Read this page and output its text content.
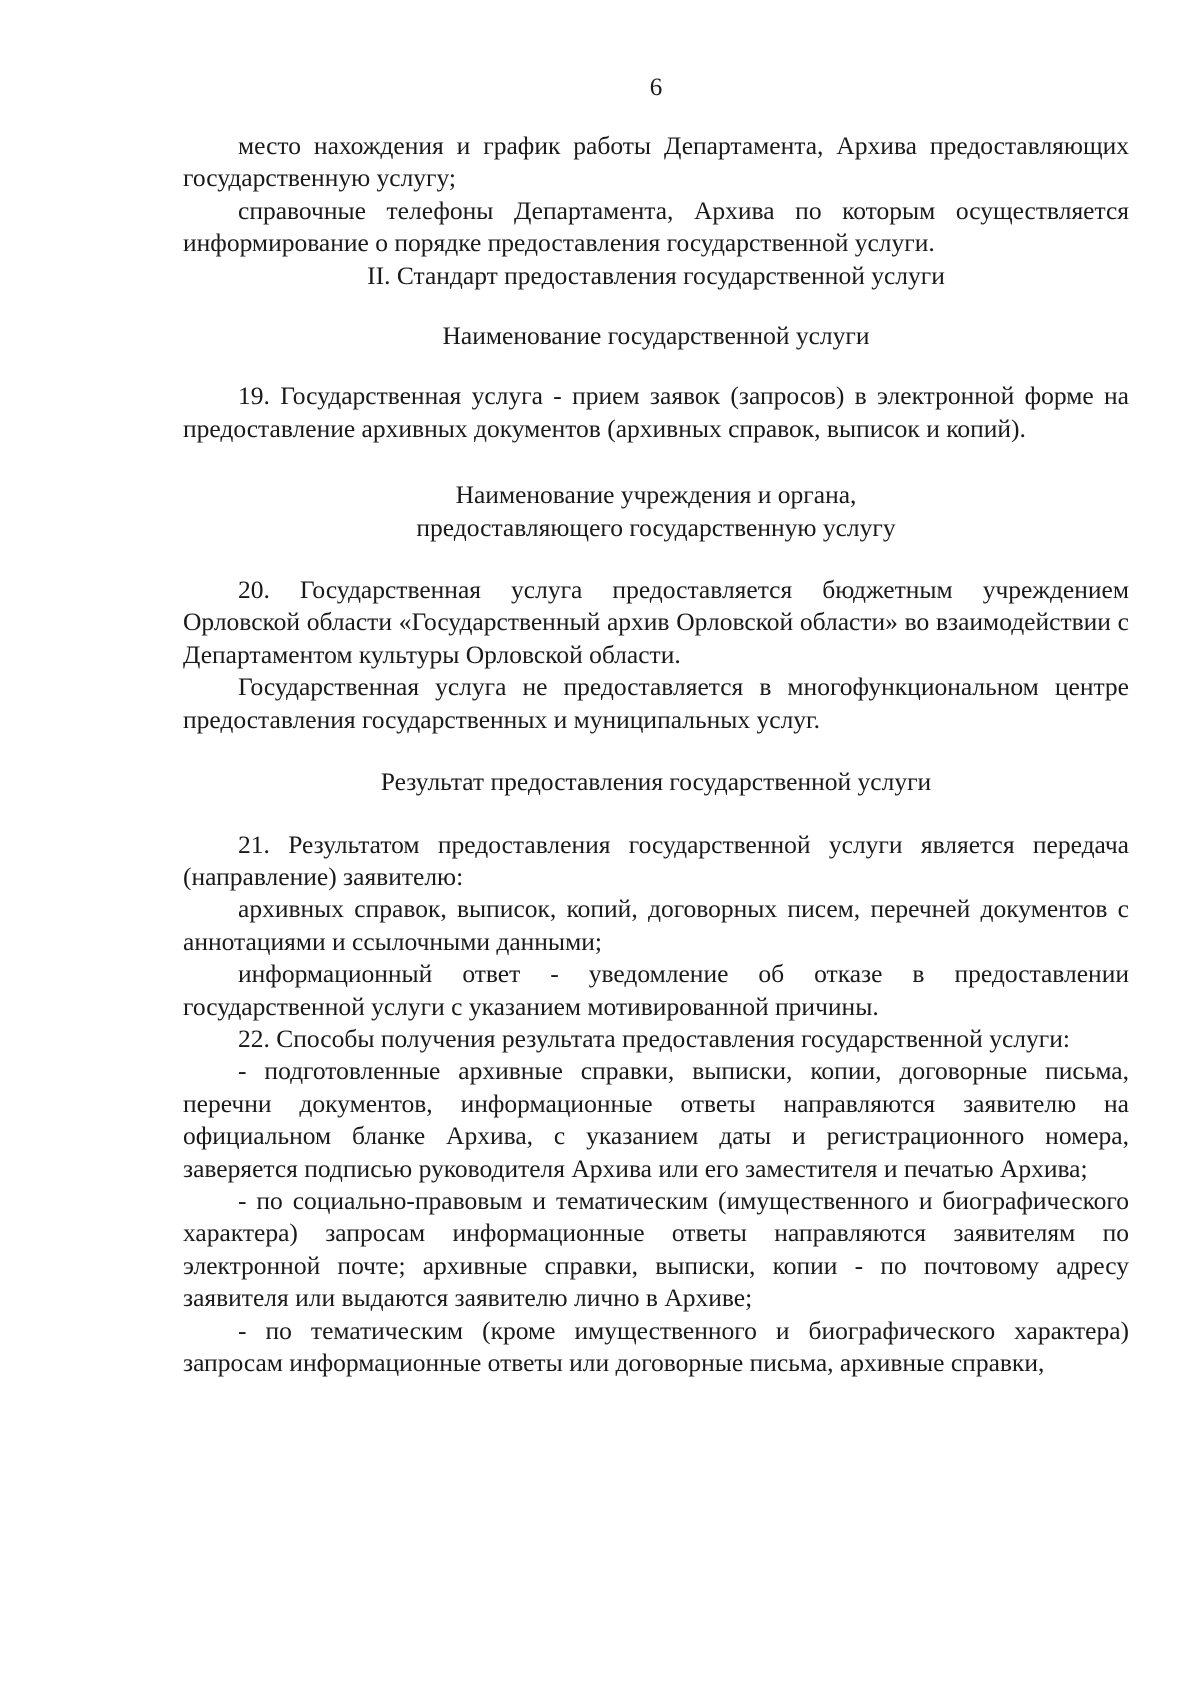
6

место нахождения и график работы Департамента, Архива предоставляющих государственную услугу;

справочные телефоны Департамента, Архива по которым осуществляется информирование о порядке предоставления государственной услуги.

II. Стандарт предоставления государственной услуги
Наименование государственной услуги

19. Государственная услуга - прием заявок (запросов) в электронной форме на предоставление архивных документов (архивных справок, выписок и копий).

Наименование учреждения и органа,
предоставляющего государственную услугу

20. Государственная услуга предоставляется бюджетным учреждением Орловской области «Государственный архив Орловской области» во взаимодействии с Департаментом культуры Орловской области.

Государственная услуга не предоставляется в многофункциональном центре предоставления государственных и муниципальных услуг.

Результат предоставления государственной услуги

21. Результатом предоставления государственной услуги является передача (направление) заявителю:

архивных справок, выписок, копий, договорных писем, перечней документов с аннотациями и ссылочными данными;

информационный ответ - уведомление об отказе в предоставлении государственной услуги с указанием мотивированной причины.

22. Способы получения результата предоставления государственной услуги:

- подготовленные архивные справки, выписки, копии, договорные письма, перечни документов, информационные ответы направляются заявителю на официальном бланке Архива, с указанием даты и регистрационного номера, заверяется подписью руководителя Архива или его заместителя и печатью Архива;

- по социально-правовым и тематическим (имущественного и биографического характера) запросам информационные ответы направляются заявителям по электронной почте; архивные справки, выписки, копии - по почтовому адресу заявителя или выдаются заявителю лично в Архиве;

- по тематическим (кроме имущественного и биографического характера) запросам информационные ответы или договорные письма, архивные справки,
